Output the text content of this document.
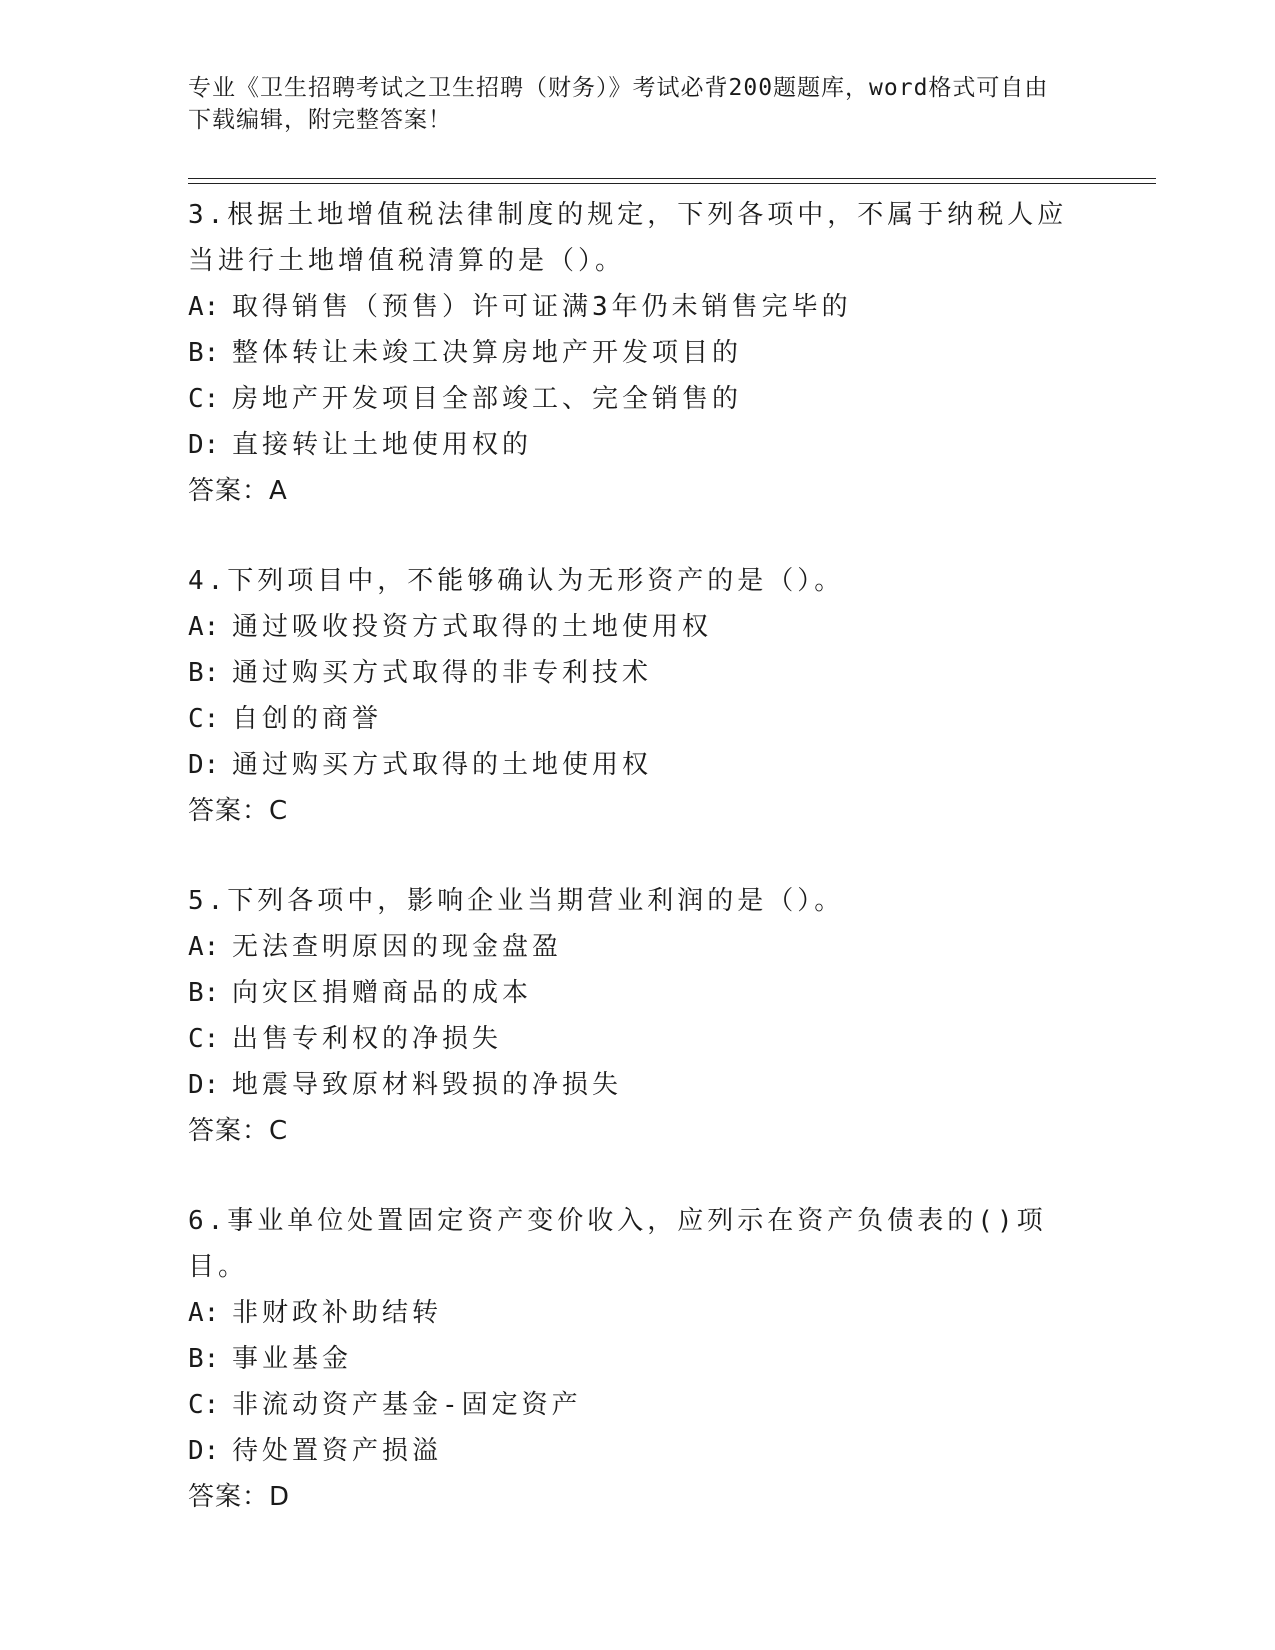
专业《卫生招聘考试之卫生招聘（财务）》考试必背200题题库，word格式可自由下载编辑，附完整答案！

3.根据土地增值税法律制度的规定，下列各项中，不属于纳税人应当进行土地增值税清算的是（）。

A: 取得销售（预售）许可证满3年仍未销售完毕的

B: 整体转让未竣工决算房地产开发项目的

C: 房地产开发项目全部竣工、完全销售的

D: 直接转让土地使用权的

答案：A

4.下列项目中，不能够确认为无形资产的是（）。

A: 通过吸收投资方式取得的土地使用权

B: 通过购买方式取得的非专利技术

C: 自创的商誉

D: 通过购买方式取得的土地使用权

答案：C

5.下列各项中，影响企业当期营业利润的是（）。

A: 无法查明原因的现金盘盈

B: 向灾区捐赠商品的成本

C: 出售专利权的净损失

D: 地震导致原材料毁损的净损失

答案：C

6.事业单位处置固定资产变价收入，应列示在资产负债表的()项目。

A: 非财政补助结转

B: 事业基金

C: 非流动资产基金-固定资产

D: 待处置资产损溢

答案：D
